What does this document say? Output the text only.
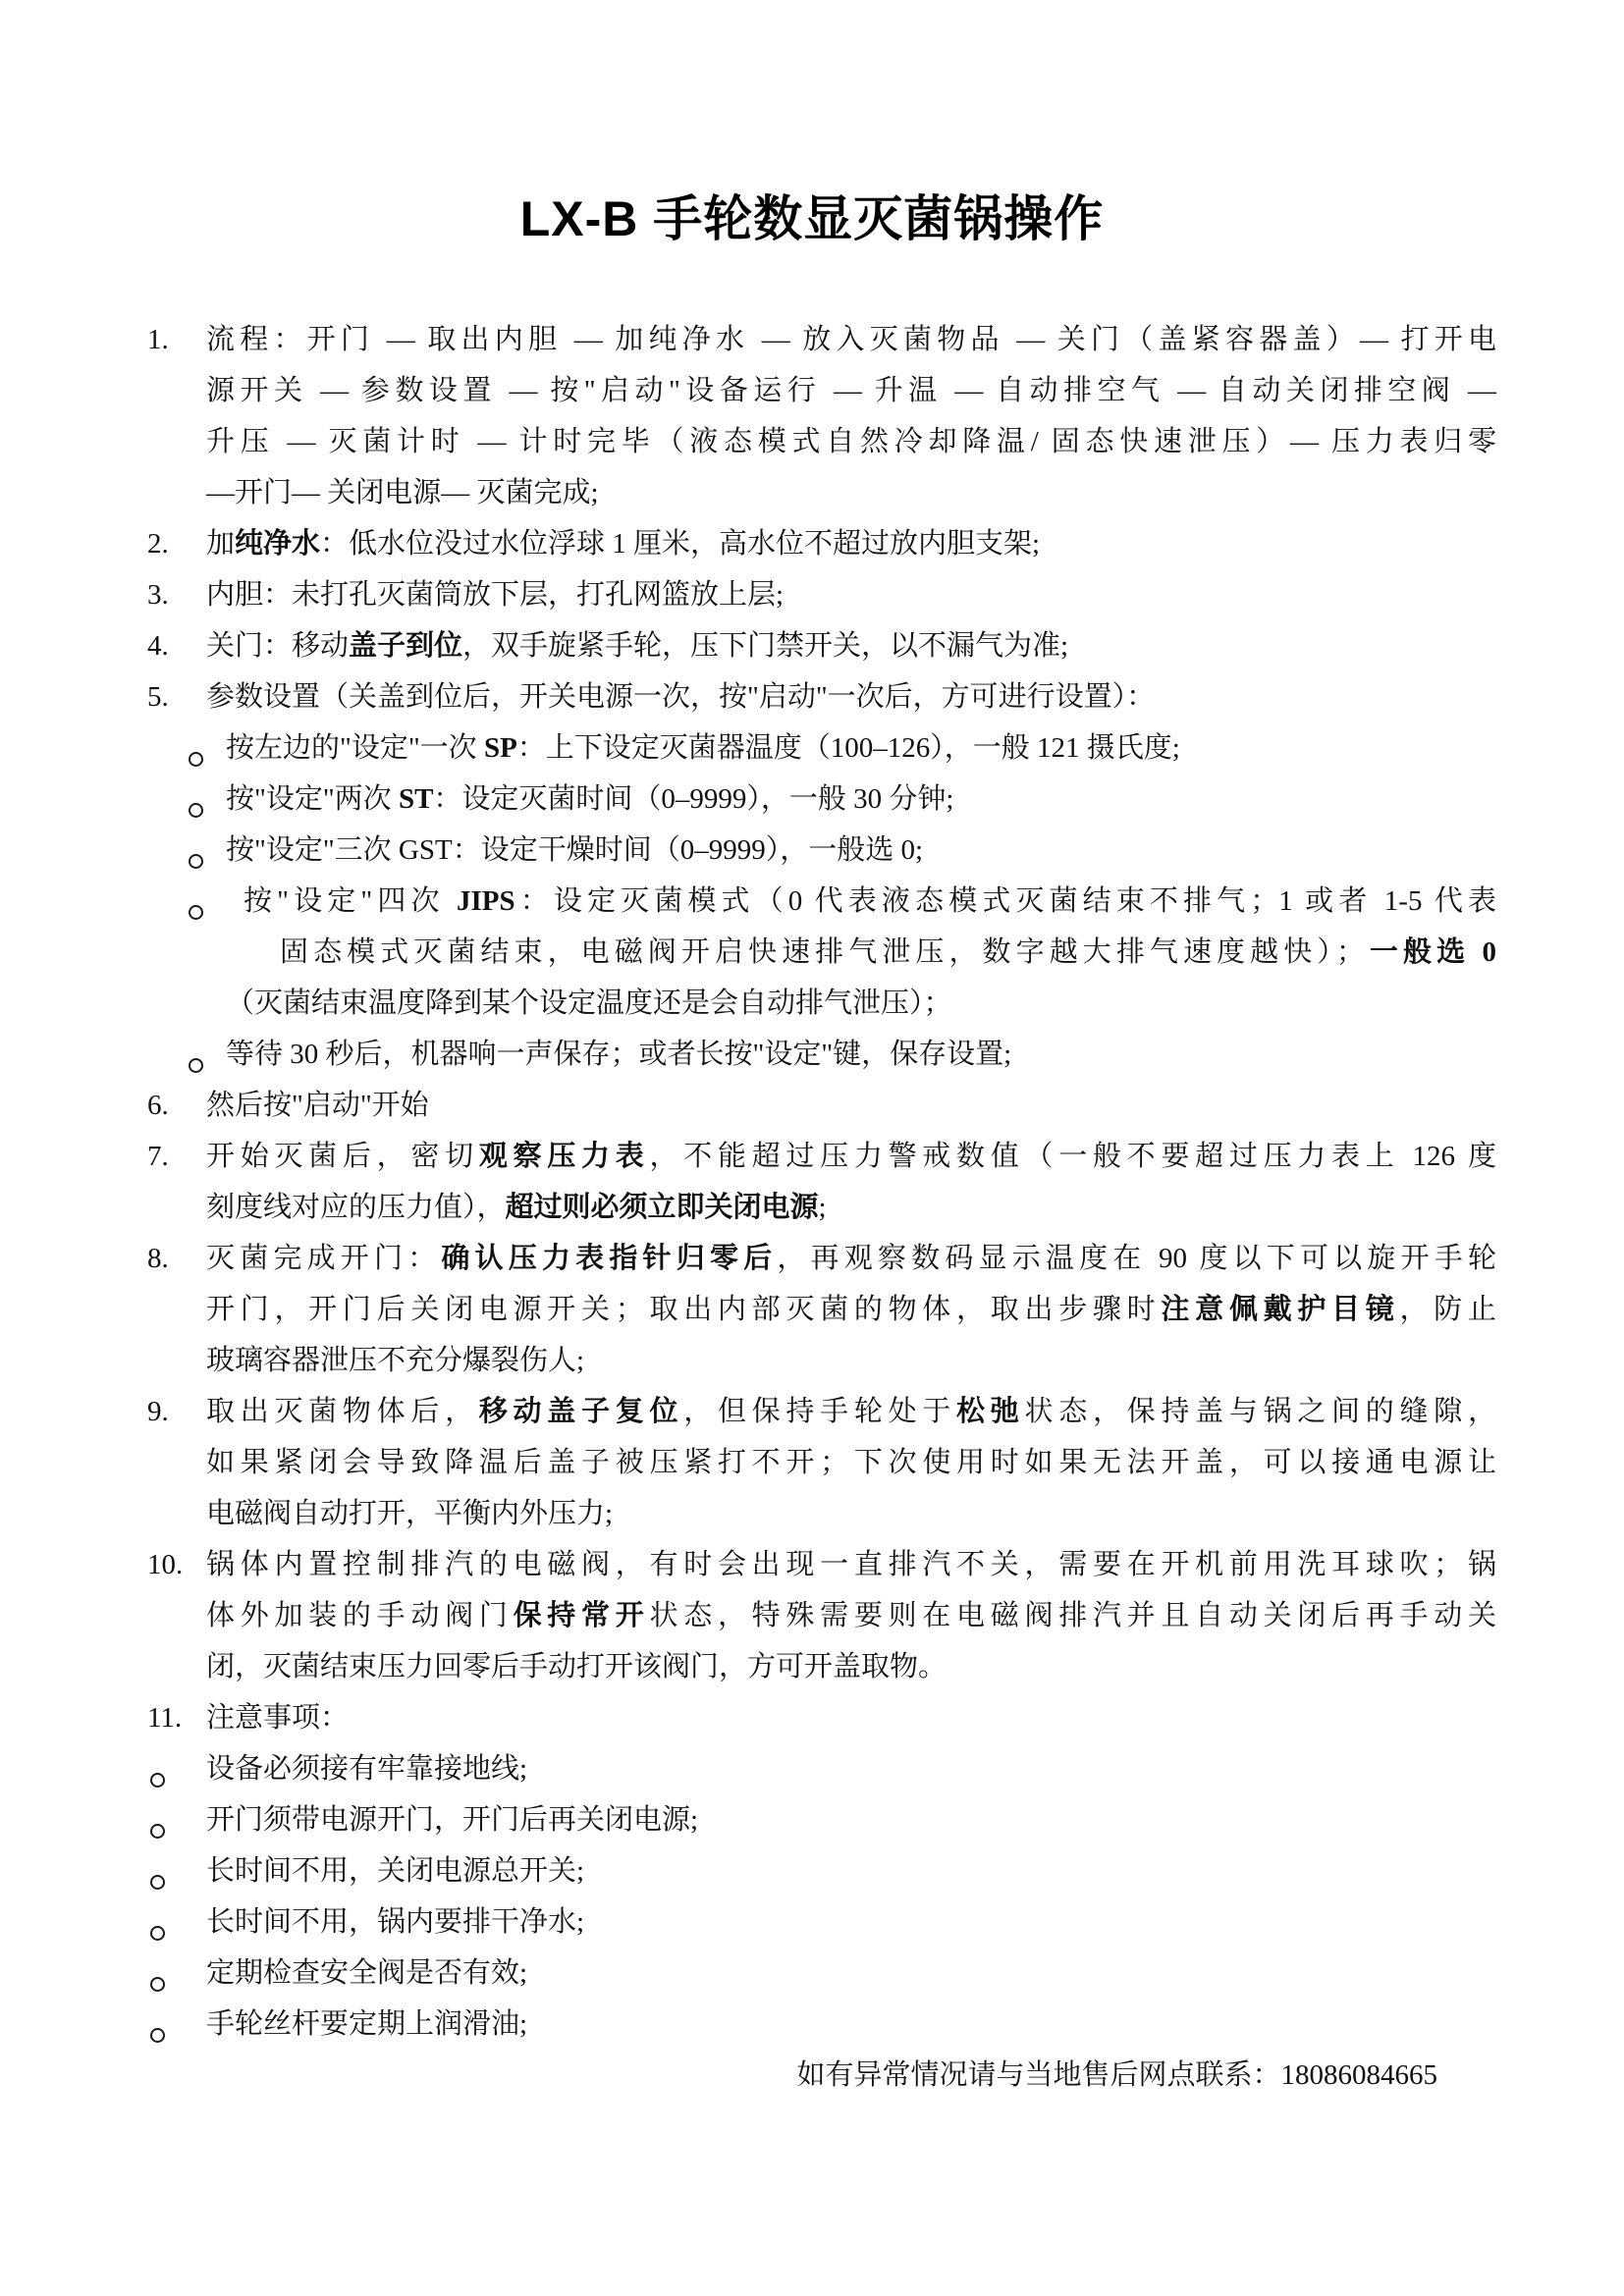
LX-B 手轮数显灭菌锅操作
1. 流程：开门 — 取出内胆 — 加纯净水 — 放入灭菌物品 — 关门（盖紧容器盖）— 打开电
源开关 — 参数设置 — 按"启动"设备运行 — 升温 — 自动排空气 — 自动关闭排空阀 —
升压 — 灭菌计时 — 计时完毕（液态模式自然冷却降温/ 固态快速泄压）— 压力表归零
—开门— 关闭电源— 灭菌完成;
2. 加纯净水：低水位没过水位浮球 1 厘米，高水位不超过放内胆支架;
3. 内胆：未打孔灭菌筒放下层，打孔网篮放上层;
4. 关门：移动盖子到位，双手旋紧手轮，压下门禁开关，以不漏气为准;
5. 参数设置（关盖到位后，开关电源一次，按"启动"一次后，方可进行设置）：
按左边的"设定"一次 SP：上下设定灭菌器温度（100–126），一般 121 摄氏度;
按"设定"两次 ST：设定灭菌时间（0–9999），一般 30 分钟;
按"设定"三次 GST：设定干燥时间（0–9999），一般选 0;
按"设定"四次 JIPS：设定灭菌模式（0 代表液态模式灭菌结束不排气；1 或者 1-5 代表
固态模式灭菌结束，电磁阀开启快速排气泄压，数字越大排气速度越快）；一般选 0
（灭菌结束温度降到某个设定温度还是会自动排气泄压）；
等待 30 秒后，机器响一声保存；或者长按"设定"键，保存设置;
6. 然后按"启动"开始
7. 开始灭菌后，密切观察压力表，不能超过压力警戒数值（一般不要超过压力表上 126 度
刻度线对应的压力值），超过则必须立即关闭电源;
8. 灭菌完成开门：确认压力表指针归零后，再观察数码显示温度在 90 度以下可以旋开手轮
开门，开门后关闭电源开关；取出内部灭菌的物体，取出步骤时注意佩戴护目镜，防止
玻璃容器泄压不充分爆裂伤人;
9. 取出灭菌物体后，移动盖子复位，但保持手轮处于松弛状态，保持盖与锅之间的缝隙，
如果紧闭会导致降温后盖子被压紧打不开；下次使用时如果无法开盖，可以接通电源让
电磁阀自动打开，平衡内外压力;
10. 锅体内置控制排汽的电磁阀，有时会出现一直排汽不关，需要在开机前用洗耳球吹；锅
体外加装的手动阀门保持常开状态，特殊需要则在电磁阀排汽并且自动关闭后再手动关
闭，灭菌结束压力回零后手动打开该阀门，方可开盖取物。
11. 注意事项：
设备必须接有牢靠接地线;
开门须带电源开门，开门后再关闭电源;
长时间不用，关闭电源总开关;
长时间不用，锅内要排干净水;
定期检查安全阀是否有效;
手轮丝杆要定期上润滑油;
如有异常情况请与当地售后网点联系：18086084665
